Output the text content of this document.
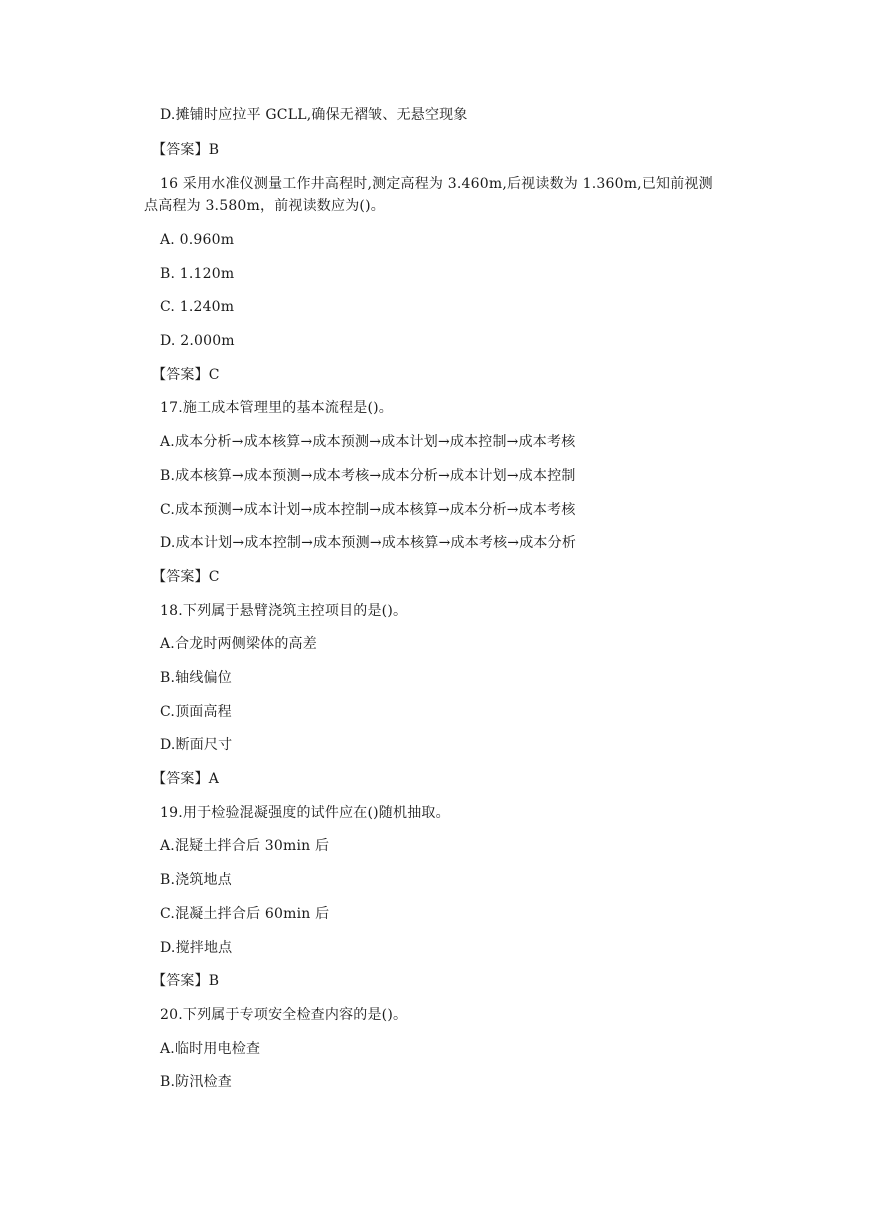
D.摊铺时应拉平 GCLL,确保无褶皱、无悬空现象
【答案】B
16 采用水准仪测量工作井高程时,测定高程为 3.460m,后视读数为 1.360m,已知前视测
点高程为 3.580m，前视读数应为()。
A. 0.960m
B. 1.120m
C. 1.240m
D. 2.000m
【答案】C
17.施工成本管理里的基本流程是()。
A.成本分析→成本核算→成本预测→成本计划→成本控制→成本考核
B.成本核算→成本预测→成本考核→成本分析→成本计划→成本控制
C.成本预测→成本计划→成本控制→成本核算→成本分析→成本考核
D.成本计划→成本控制→成本预测→成本核算→成本考核→成本分析
【答案】C
18.下列属于悬臂浇筑主控项目的是()。
A.合龙时两侧梁体的高差
B.轴线偏位
C.顶面高程
D.断面尺寸
【答案】A
19.用于检验混凝强度的试件应在()随机抽取。
A.混疑土拌合后 30min 后
B.浇筑地点
C.混凝土拌合后 60min 后
D.搅拌地点
【答案】B
20.下列属于专项安全检查内容的是()。
A.临时用电检查
B.防汛检查
